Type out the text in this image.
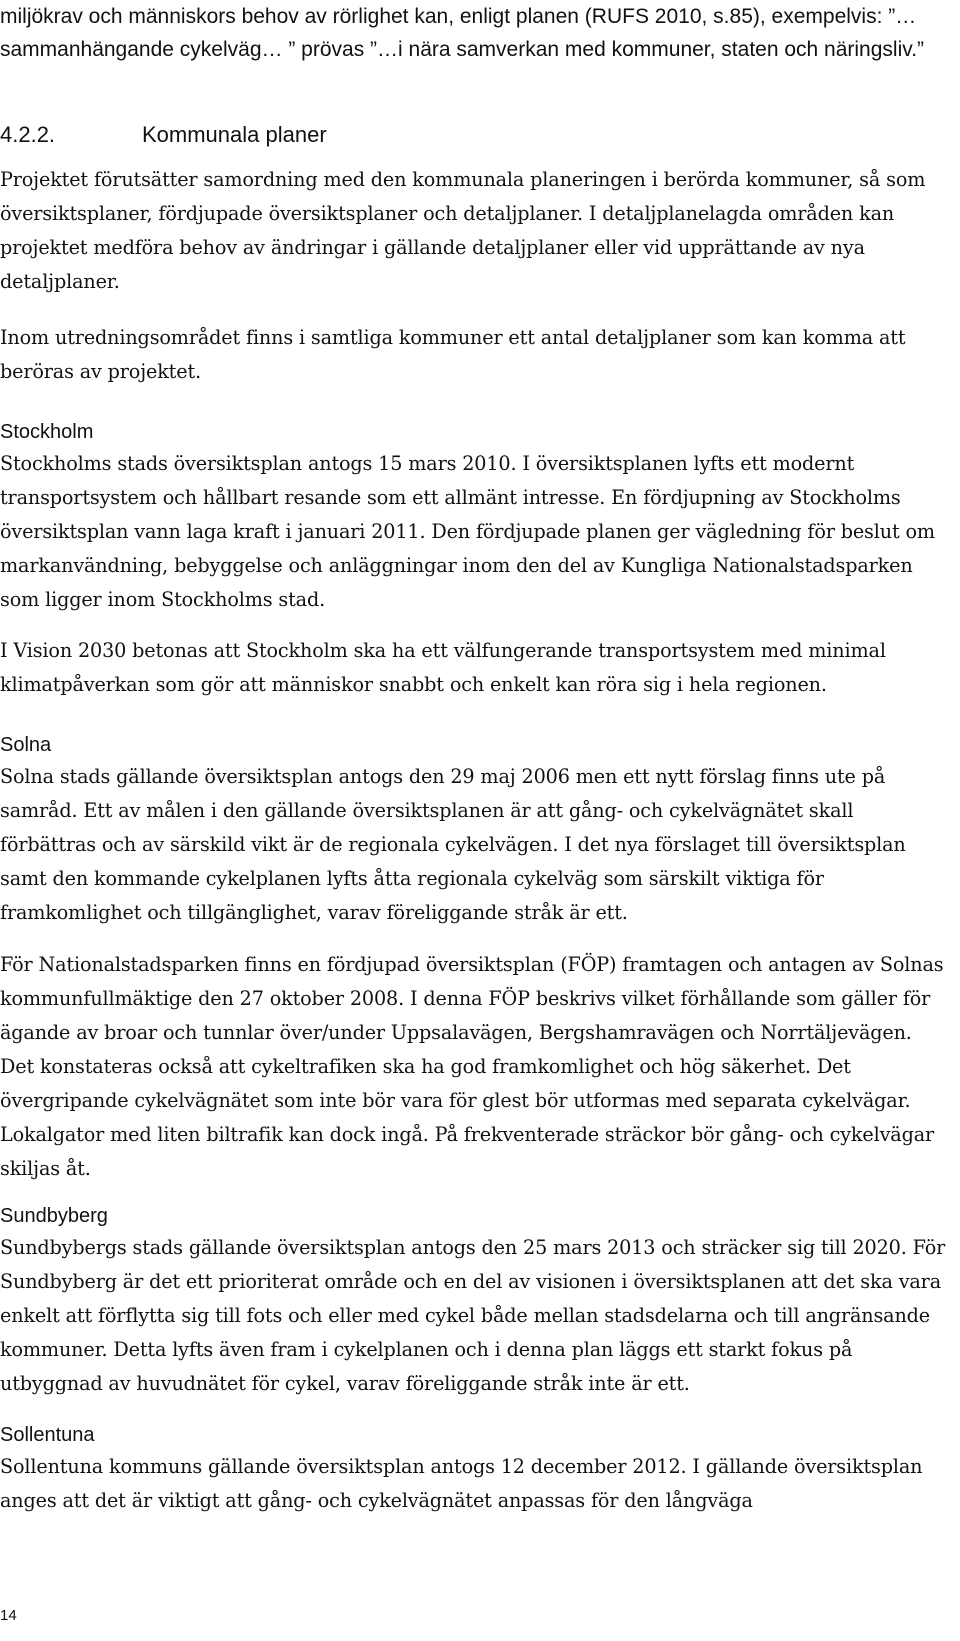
miljökrav och människors behov av rörlighet kan, enligt planen (RUFS 2010, s.85), exempelvis: ”… sammanhängande cykelväg… ” prövas ”…i nära samverkan med kommuner, staten och näringsliv.”

4.2.2.	Kommunala planer

Projektet förutsätter samordning med den kommunala planeringen i berörda kommuner, så som översiktsplaner, fördjupade översiktsplaner och detaljplaner. I detaljplanelagda områden kan projektet medföra behov av ändringar i gällande detaljplaner eller vid upprättande av nya detaljplaner.

Inom utredningsområdet finns i samtliga kommuner ett antal detaljplaner som kan komma att beröras av projektet.

Stockholm

Stockholms stads översiktsplan antogs 15 mars 2010. I översiktsplanen lyfts ett modernt transportsystem och hållbart resande som ett allmänt intresse. En fördjupning av Stockholms översiktsplan vann laga kraft i januari 2011. Den fördjupade planen ger vägledning för beslut om markanvändning, bebyggelse och anläggningar inom den del av Kungliga Nationalstadsparken som ligger inom Stockholms stad.

I Vision 2030 betonas att Stockholm ska ha ett välfungerande transportsystem med minimal klimatpåverkan som gör att människor snabbt och enkelt kan röra sig i hela regionen.

Solna

Solna stads gällande översiktsplan antogs den 29 maj 2006 men ett nytt förslag finns ute på samråd. Ett av målen i den gällande översiktsplanen är att gång- och cykelvägnätet skall förbättras och av särskild vikt är de regionala cykelvägen. I det nya förslaget till översiktsplan samt den kommande cykelplanen lyfts åtta regionala cykelväg som särskilt viktiga för framkomlighet och tillgänglighet, varav föreliggande stråk är ett.

För Nationalstadsparken finns en fördjupad översiktsplan (FÖP) framtagen och antagen av Solnas kommunfullmäktige den 27 oktober 2008. I denna FÖP beskrivs vilket förhållande som gäller för ägande av broar och tunnlar över/under Uppsalavägen, Bergshamravägen och Norrtäljevägen. Det konstateras också att cykeltrafiken ska ha god framkomlighet och hög säkerhet. Det övergripande cykelvägnätet som inte bör vara för glest bör utformas med separata cykelvägar. Lokalgator med liten biltrafik kan dock ingå. På frekventerade sträckor bör gång- och cykelvägar skiljas åt.

Sundbyberg

Sundbybergs stads gällande översiktsplan antogs den 25 mars 2013 och sträcker sig till 2020. För Sundbyberg är det ett prioriterat område och en del av visionen i översiktsplanen att det ska vara enkelt att förflytta sig till fots och eller med cykel både mellan stadsdelarna och till angränsande kommuner. Detta lyfts även fram i cykelplanen och i denna plan läggs ett starkt fokus på utbyggnad av huvudnätet för cykel, varav föreliggande stråk inte är ett.

Sollentuna

Sollentuna kommuns gällande översiktsplan antogs 12 december 2012. I gällande översiktsplan anges att det är viktigt att gång- och cykelvägnätet anpassas för den långväga

14
